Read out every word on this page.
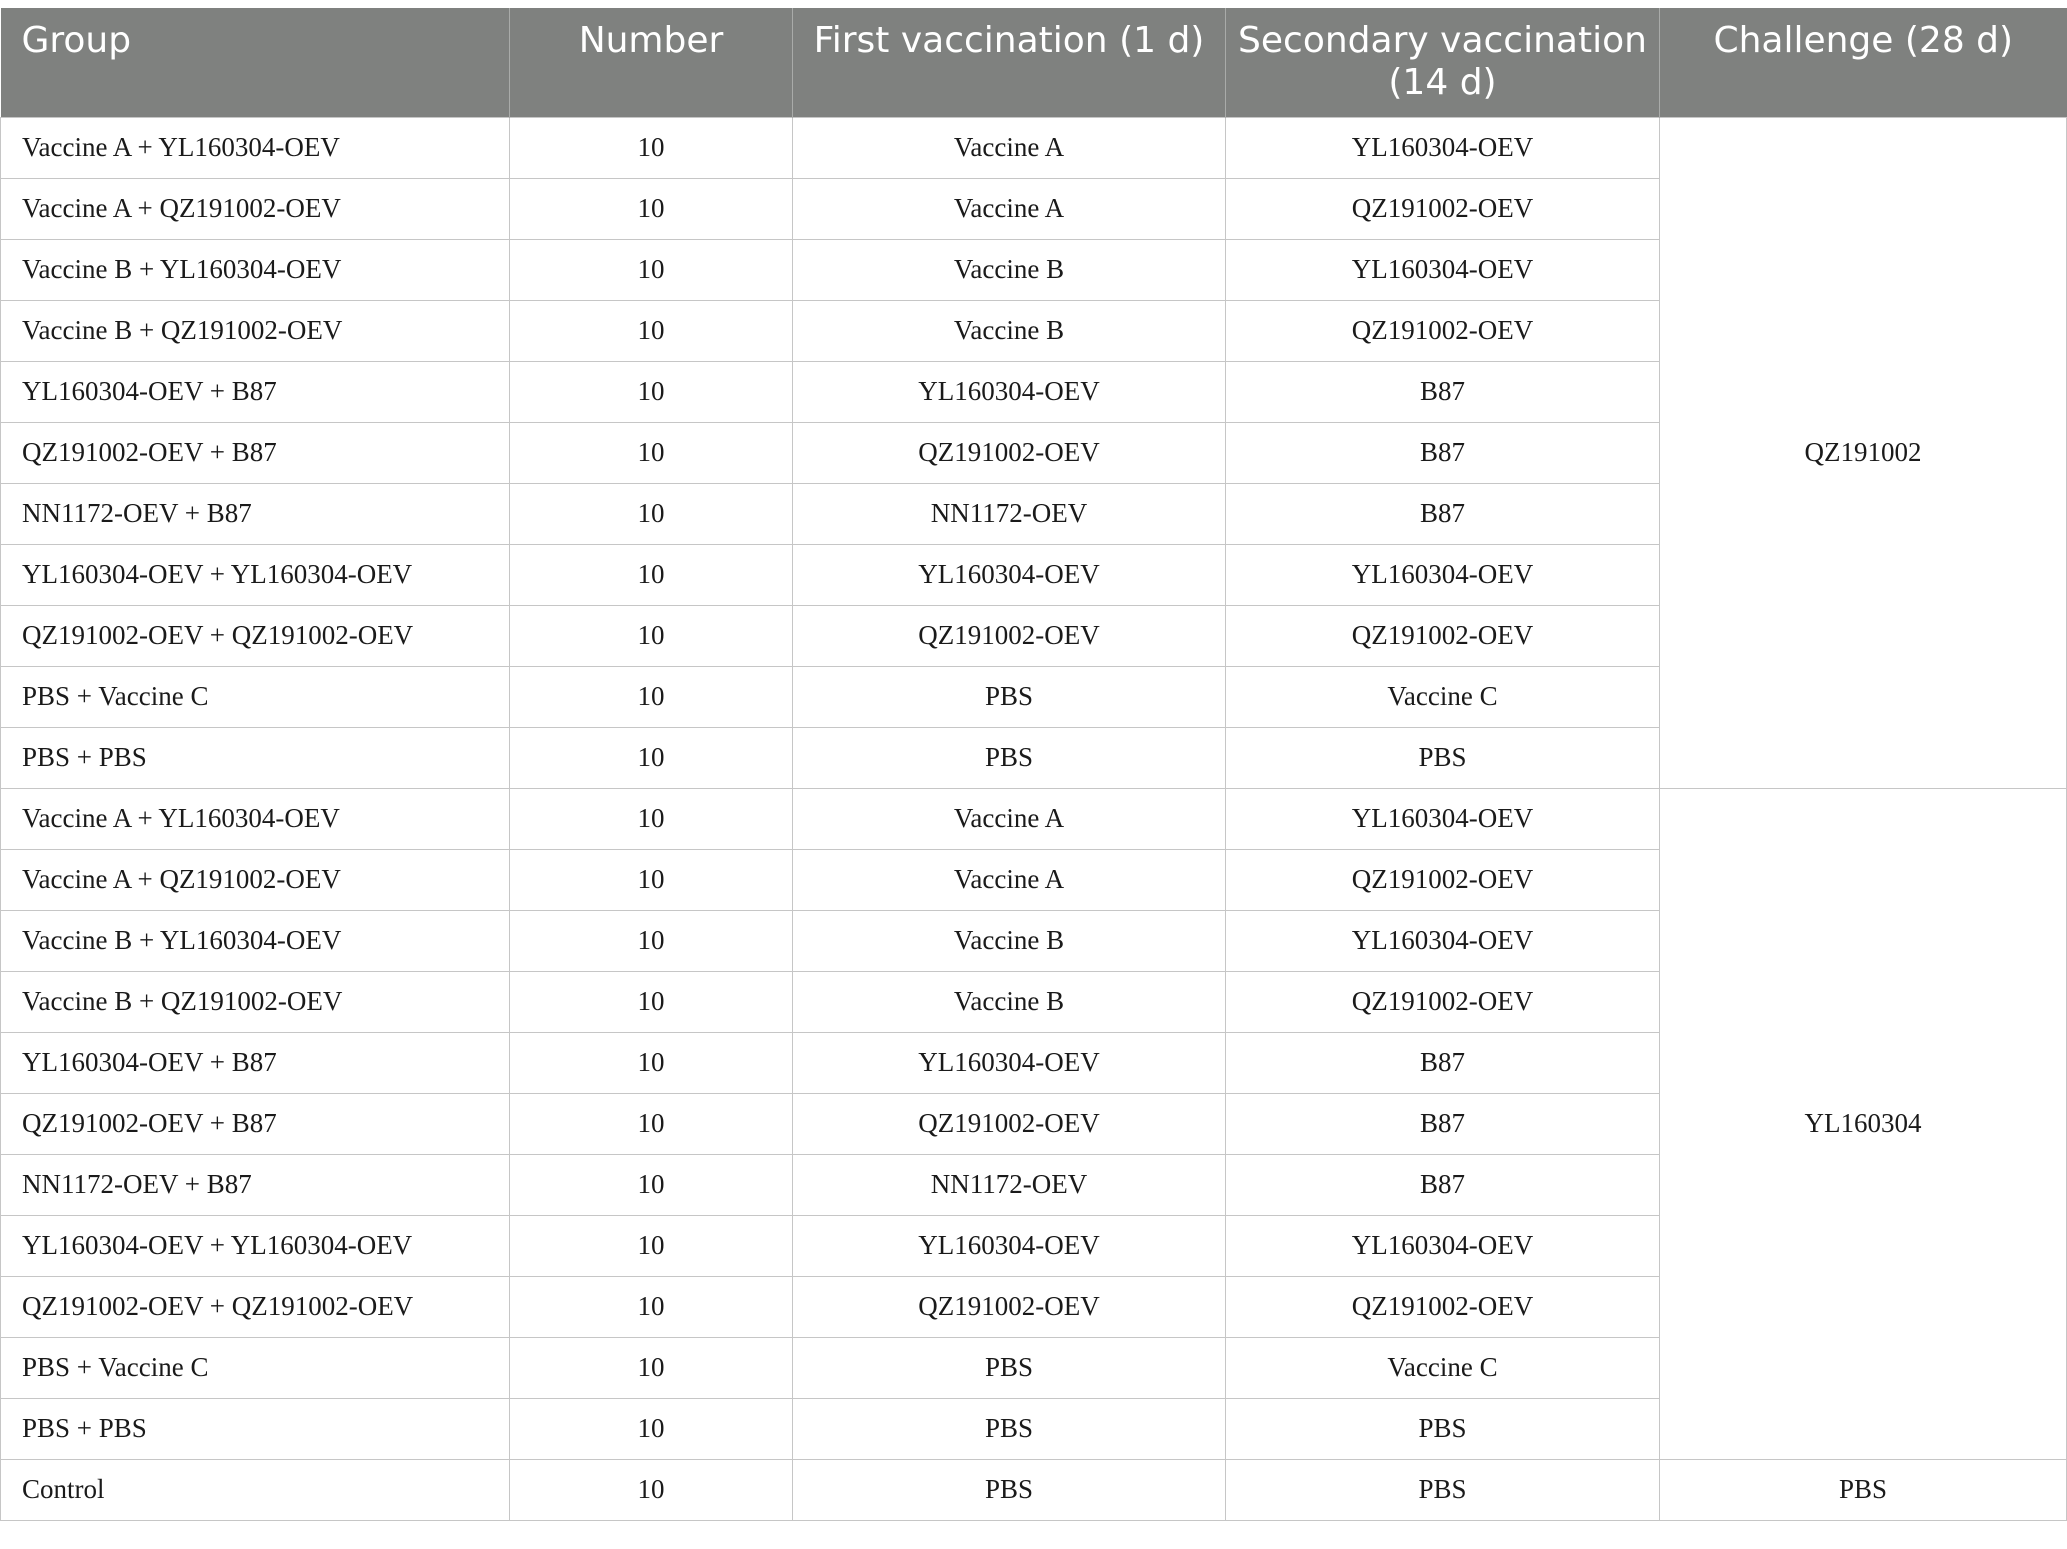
Group	Number	First vaccination (1 d)	Secondary vaccination (14 d)	Challenge (28 d)
Vaccine A + YL160304-OEV	10	Vaccine A	YL160304-OEV	QZ191002
Vaccine A + QZ191002-OEV	10	Vaccine A	QZ191002-OEV	
Vaccine B + YL160304-OEV	10	Vaccine B	YL160304-OEV	
Vaccine B + QZ191002-OEV	10	Vaccine B	QZ191002-OEV	
YL160304-OEV + B87	10	YL160304-OEV	B87	
QZ191002-OEV + B87	10	QZ191002-OEV	B87	
NN1172-OEV + B87	10	NN1172-OEV	B87	
YL160304-OEV + YL160304-OEV	10	YL160304-OEV	YL160304-OEV	
QZ191002-OEV + QZ191002-OEV	10	QZ191002-OEV	QZ191002-OEV	
PBS + Vaccine C	10	PBS	Vaccine C	
PBS + PBS	10	PBS	PBS	
Vaccine A + YL160304-OEV	10	Vaccine A	YL160304-OEV	YL160304
Vaccine A + QZ191002-OEV	10	Vaccine A	QZ191002-OEV	
Vaccine B + YL160304-OEV	10	Vaccine B	YL160304-OEV	
Vaccine B + QZ191002-OEV	10	Vaccine B	QZ191002-OEV	
YL160304-OEV + B87	10	YL160304-OEV	B87	
QZ191002-OEV + B87	10	QZ191002-OEV	B87	
NN1172-OEV + B87	10	NN1172-OEV	B87	
YL160304-OEV + YL160304-OEV	10	YL160304-OEV	YL160304-OEV	
QZ191002-OEV + QZ191002-OEV	10	QZ191002-OEV	QZ191002-OEV	
PBS + Vaccine C	10	PBS	Vaccine C	
PBS + PBS	10	PBS	PBS	
Control	10	PBS	PBS	PBS
